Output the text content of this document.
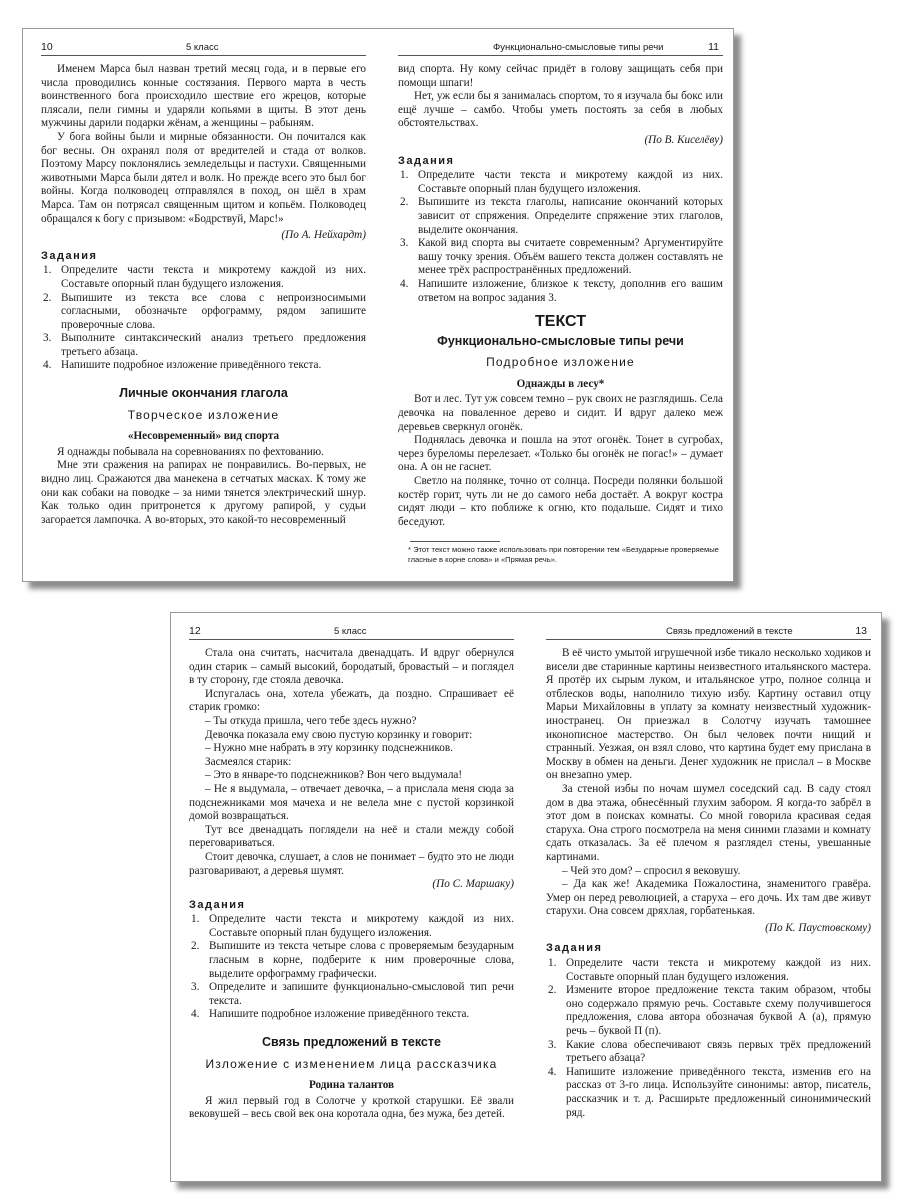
10	5 класс

Именем Марса был назван третий месяц года, и в первые его числа проводились конные состязания. Первого марта в честь воинственного бога происходило шествие его жрецов, которые плясали, пели гимны и ударяли копьями в щиты. В этот день мужчины дарили подарки жёнам, а женщины – рабыням.

У бога войны были и мирные обязанности. Он почитался как бог весны. Он охранял поля от вредителей и стада от волков. Поэтому Марсу поклонялись земледельцы и пастухи. Священными животными Марса были дятел и волк. Но прежде всего это был бог войны. Когда полководец отправлялся в поход, он шёл в храм Марса. Там он потрясал священным щитом и копьём. Полководец обращался к богу с призывом: «Бодрствуй, Марс!»

(По А. Нейхардт)
Задания
1. Определите части текста и микротему каждой из них. Составьте опорный план будущего изложения.
2. Выпишите из текста все слова с непроизносимыми согласными, обозначьте орфограмму, рядом запишите проверочные слова.
3. Выполните синтаксический анализ третьего предложения третьего абзаца.
4. Напишите подробное изложение приведённого текста.
Личные окончания глагола
Творческое изложение
«Несовременный» вид спорта

Я однажды побывала на соревнованиях по фехтованию.

Мне эти сражения на рапирах не понравились. Во-первых, не видно лиц. Сражаются два манекена в сетчатых масках. К тому же они как собаки на поводке – за ними тянется электрический шнур. Как только один притронется к другому рапирой, у судьи загорается лампочка. А во-вторых, это какой-то несовременный

Функционально-смысловые типы речи	11

вид спорта. Ну кому сейчас придёт в голову защищать себя при помощи шпаги!

Нет, уж если бы я занималась спортом, то я изучала бы бокс или ещё лучше – самбо. Чтобы уметь постоять за себя в любых обстоятельствах.

(По В. Киселёву)
Задания
1. Определите части текста и микротему каждой из них. Составьте опорный план будущего изложения.
2. Выпишите из текста глаголы, написание окончаний которых зависит от спряжения. Определите спряжение этих глаголов, выделите окончания.
3. Какой вид спорта вы считаете современным? Аргументируйте вашу точку зрения. Объём вашего текста должен составлять не менее трёх распространённых предложений.
4. Напишите изложение, близкое к тексту, дополнив его вашим ответом на вопрос задания 3.
ТЕКСТ
Функционально-смысловые типы речи
Подробное изложение
Однажды в лесу*

Вот и лес. Тут уж совсем темно – рук своих не разглядишь. Села девочка на поваленное дерево и сидит. И вдруг далеко меж деревьев сверкнул огонёк.

Поднялась девочка и пошла на этот огонёк. Тонет в сугробах, через буреломы перелезает. «Только бы огонёк не погас!» – думает она. А он не гаснет.

Светло на полянке, точно от солнца. Посреди полянки большой костёр горит, чуть ли не до самого неба достаёт. А вокруг костра сидят люди – кто поближе к огню, кто подальше. Сидят и тихо беседуют.

* Этот текст можно также использовать при повторении тем «Безударные проверяемые гласные в корне слова» и «Прямая речь».
12	5 класс

Стала она считать, насчитала двенадцать. И вдруг обернулся один старик – самый высокий, бородатый, бровастый – и поглядел в ту сторону, где стояла девочка.

Испугалась она, хотела убежать, да поздно. Спрашивает её старик громко:

– Ты откуда пришла, чего тебе здесь нужно?

Девочка показала ему свою пустую корзинку и говорит:

– Нужно мне набрать в эту корзинку подснежников.

Засмеялся старик:

– Это в январе-то подснежников? Вон чего выдумала!

– Не я выдумала, – отвечает девочка, – а прислала меня сюда за подснежниками моя мачеха и не велела мне с пустой корзинкой домой возвращаться.

Тут все двенадцать поглядели на неё и стали между собой переговариваться.

Стоит девочка, слушает, а слов не понимает – будто это не люди разговаривают, а деревья шумят.

(По С. Маршаку)
Задания
1. Определите части текста и микротему каждой из них. Составьте опорный план будущего изложения.
2. Выпишите из текста четыре слова с проверяемым безударным гласным в корне, подберите к ним проверочные слова, выделите орфограмму графически.
3. Определите и запишите функционально-смысловой тип речи текста.
4. Напишите подробное изложение приведённого текста.
Связь предложений в тексте
Изложение с изменением лица рассказчика
Родина талантов

Я жил первый год в Солотче у кроткой старушки. Её звали вековушей – весь свой век она коротала одна, без мужа, без детей.

Связь предложений в тексте	13

В её чисто умытой игрушечной избе тикало несколько ходиков и висели две старинные картины неизвестного итальянского мастера. Я протёр их сырым луком, и итальянское утро, полное солнца и отблесков воды, наполнило тихую избу. Картину оставил отцу Марьи Михайловны в уплату за комнату неизвестный художник-иностранец. Он приезжал в Солотчу изучать тамошнее иконописное мастерство. Он был человек почти нищий и странный. Уезжая, он взял слово, что картина будет ему прислана в Москву в обмен на деньги. Денег художник не прислал – в Москве он внезапно умер.

За стеной избы по ночам шумел соседский сад. В саду стоял дом в два этажа, обнесённый глухим забором. Я когда-то забрёл в этот дом в поисках комнаты. Со мной говорила красивая седая старуха. Она строго посмотрела на меня синими глазами и комнату сдать отказалась. За её плечом я разглядел стены, увешанные картинами.

– Чей это дом? – спросил я вековушу.

– Да как же! Академика Пожалостина, знаменитого гравёра. Умер он перед революцией, а старуха – его дочь. Их там две живут старухи. Она совсем дряхлая, горбатенькая.

(По К. Паустовскому)
Задания
1. Определите части текста и микротему каждой из них. Составьте опорный план будущего изложения.
2. Измените второе предложение текста таким образом, чтобы оно содержало прямую речь. Составьте схему получившегося предложения, слова автора обозначая буквой А (а), прямую речь – буквой П (п).
3. Какие слова обеспечивают связь первых трёх предложений третьего абзаца?
4. Напишите изложение приведённого текста, изменив его на рассказ от 3-го лица. Используйте синонимы: автор, писатель, рассказчик и т. д. Расширьте предложенный синонимический ряд.
